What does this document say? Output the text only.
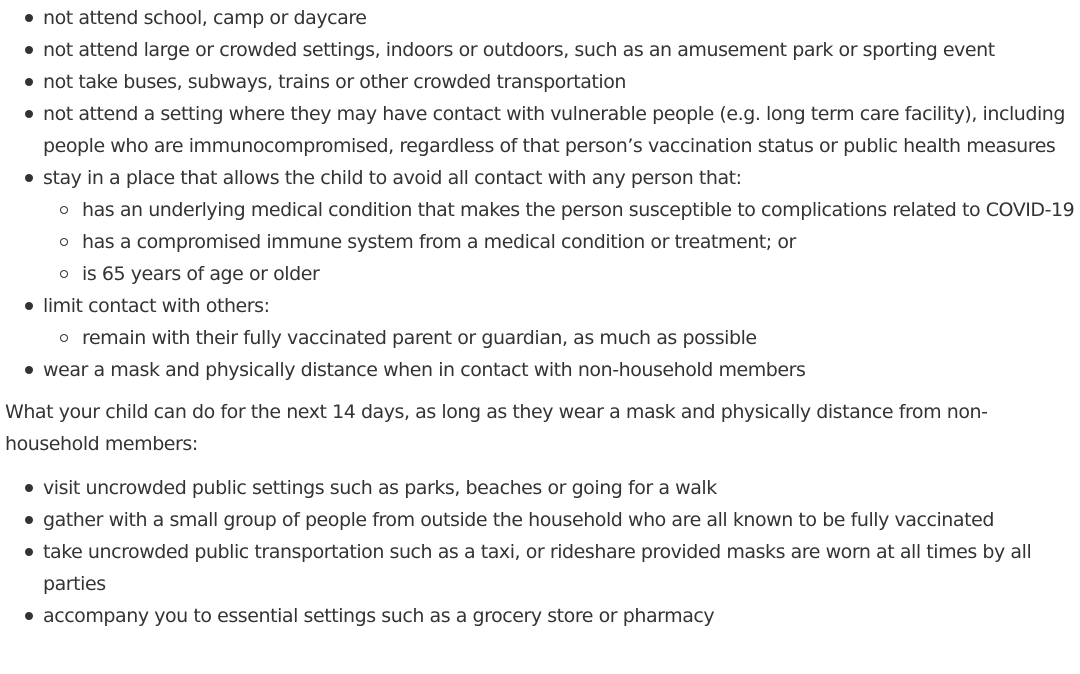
not attend school, camp or daycare
not attend large or crowded settings, indoors or outdoors, such as an amusement park or sporting event
not take buses, subways, trains or other crowded transportation
not attend a setting where they may have contact with vulnerable people (e.g. long term care facility), including people who are immunocompromised, regardless of that person’s vaccination status or public health measures
stay in a place that allows the child to avoid all contact with any person that:
has an underlying medical condition that makes the person susceptible to complications related to COVID-19
has a compromised immune system from a medical condition or treatment; or
is 65 years of age or older
limit contact with others:
remain with their fully vaccinated parent or guardian, as much as possible
wear a mask and physically distance when in contact with non-household members

What your child can do for the next 14 days, as long as they wear a mask and physically distance from non-household members:

visit uncrowded public settings such as parks, beaches or going for a walk
gather with a small group of people from outside the household who are all known to be fully vaccinated
take uncrowded public transportation such as a taxi, or rideshare provided masks are worn at all times by all parties
accompany you to essential settings such as a grocery store or pharmacy
